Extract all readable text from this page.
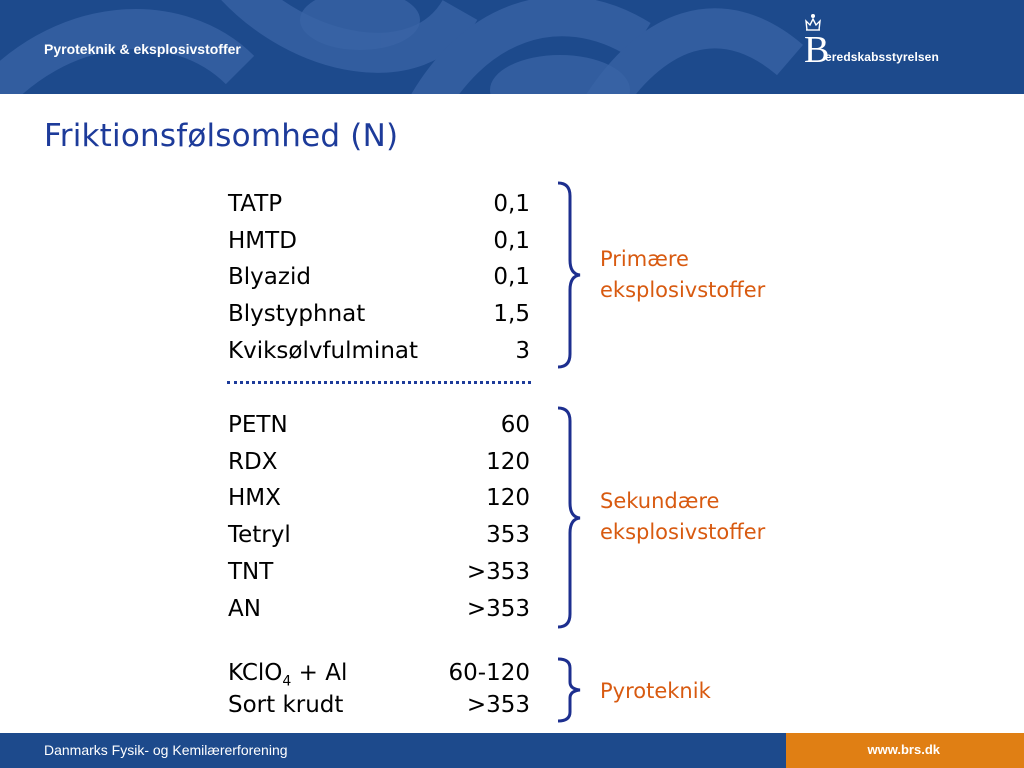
Pyroteknik & eksplosivstoffer	B
eredskabsstyrelsen
Friktionsfølsomhed (N)
TATP	0,1
HMTD	0,1
Blyazid	0,1
Blystyphnat	1,5
Kviksølvfulminat	3
PETN	60
RDX	120
HMX	120
Tetryl	353
TNT	>353
AN	>353
KClO$_4$ + Al	60-120
Sort krudt	>353
Primære
eksplosivstoffer
Sekundære
eksplosivstoffer
Pyroteknik
Danmarks Fysik- og Kemilærerforening	www.brs.dk
